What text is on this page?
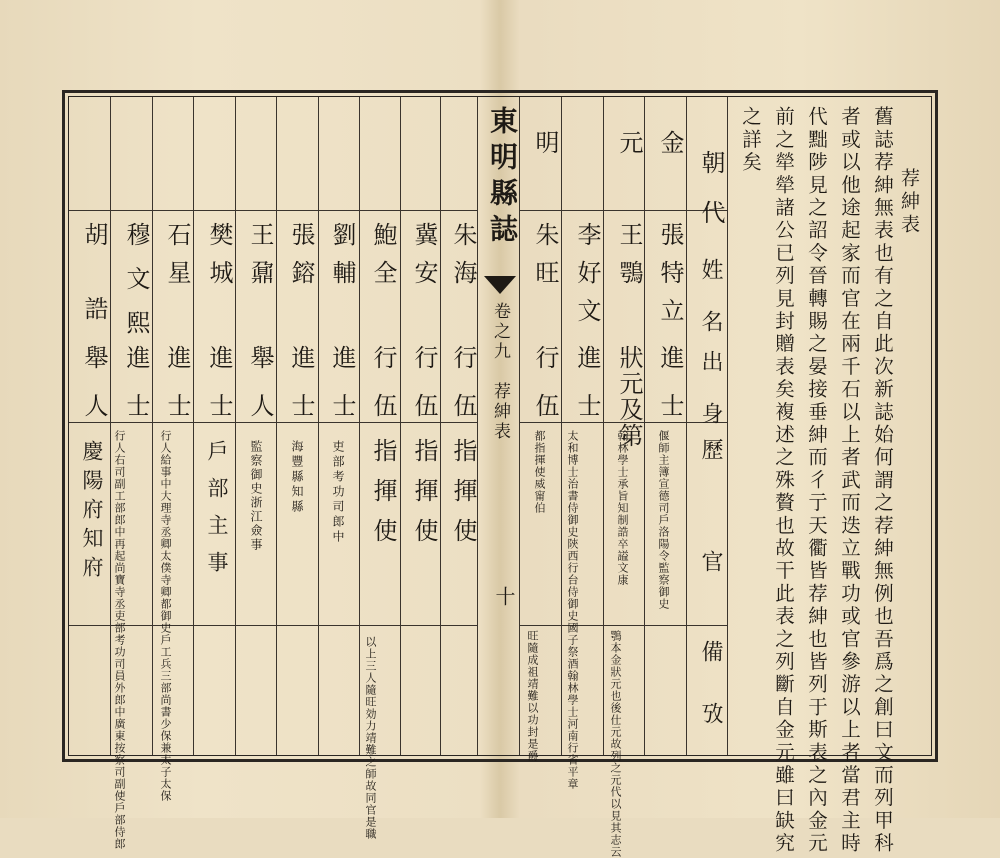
東明縣誌
卷之九　荐紳表
十
朝代
姓名
出身
歷官
備攷
金
張特立
進士
偃師主簿宣德司戶洛陽令監察御史
元
王鶚
狀元及第
翰林學士承旨知制誥卒謚文康
鶚本金狀元也後仕元故列之元代以見其志云
李好文
進士
太和博士治書侍御史陝西行台侍御史國子祭酒翰林學士河南行省平章
明
朱旺
行伍
都指揮使威甯伯
旺隨成祖靖難以功封是爵
朱海
行伍
指揮使
冀安
行伍
指揮使
鮑全
行伍
指揮使
以上三人隨旺効力靖難之師故同官是職
劉輔
進士
吏部考功司郎中
張鎔
進士
海豐縣知縣
王鼐
舉人
監察御史浙江僉事
樊城
進士
戶部主事
石星
進士
行人給事中大理寺丞卿太僕寺卿都御史戶工兵三部尚書少保兼太子太保
穆文熙
進士
行人右司副工部郎中再起尚寶寺丞吏部考功司員外郎中廣東按察司副使戶部侍郎
胡誥
舉人
慶陽府知府
荐紳表
舊誌荐紳無表也有之自此次新誌始何謂之荐紳無例也吾爲之創曰文而列甲科
者或以他途起家而官在兩千石以上者武而迭立戰功或官參游以上者當君主時
代黜陟見之詔令晉轉賜之晏接垂紳而彳亍天衢皆荐紳也皆列于斯表之內金元
前之犖犖諸公已列見封贈表矣複述之殊贅也故干此表之列斷自金元雖曰缺究
之詳矣
